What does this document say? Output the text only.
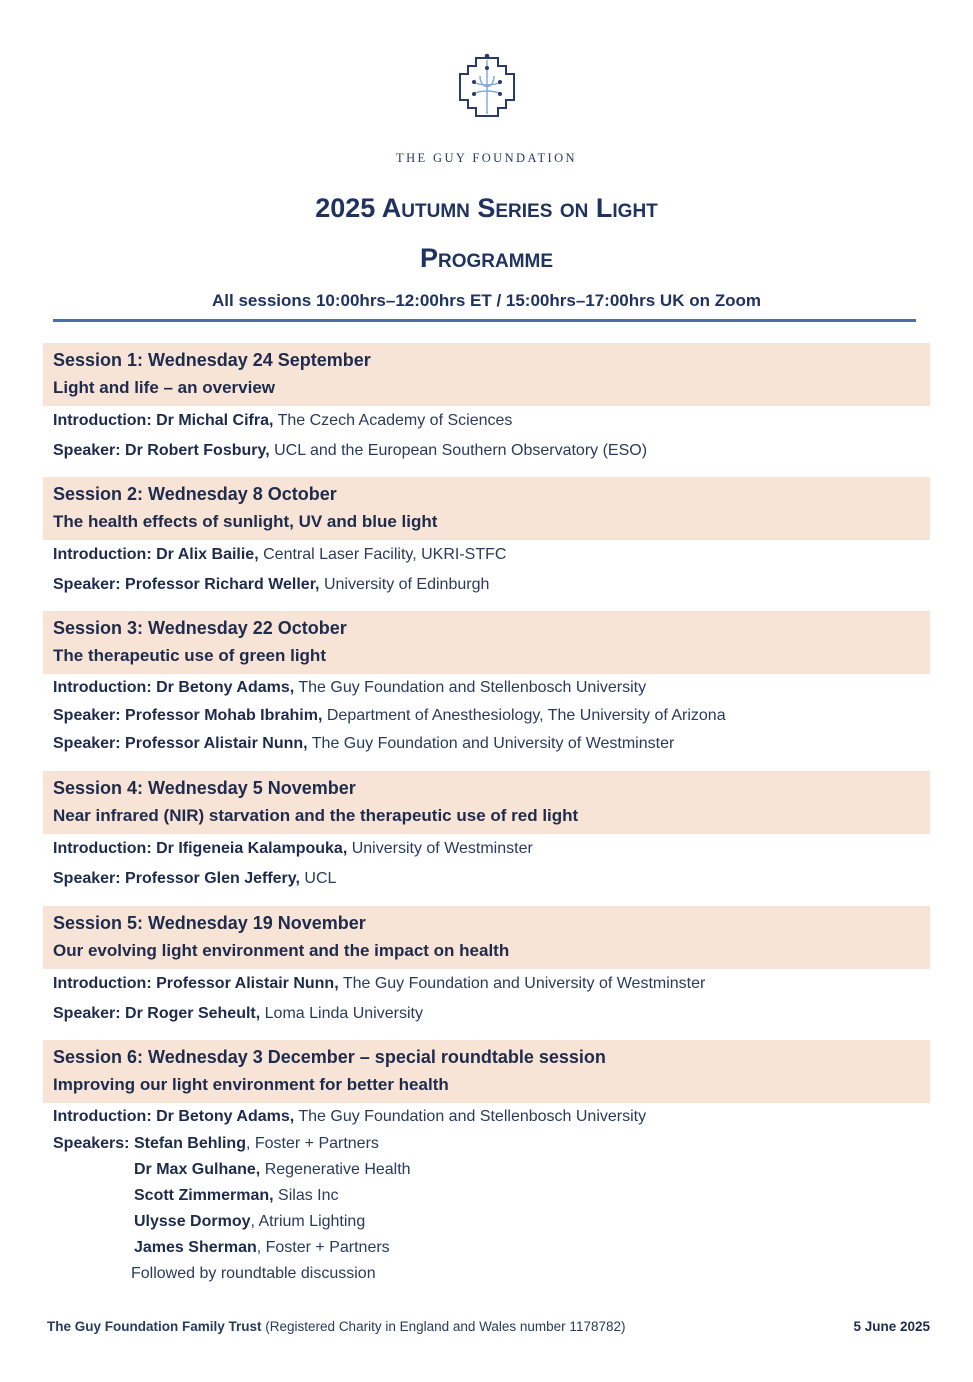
THE GUY FOUNDATION
2025 Autumn Series on Light
Programme
All sessions 10:00hrs–12:00hrs ET / 15:00hrs–17:00hrs UK on Zoom
Session 1: Wednesday 24 September
Light and life – an overview
Introduction: Dr Michal Cifra, The Czech Academy of Sciences
Speaker: Dr Robert Fosbury, UCL and the European Southern Observatory (ESO)
Session 2: Wednesday 8 October
The health effects of sunlight, UV and blue light
Introduction: Dr Alix Bailie, Central Laser Facility, UKRI-STFC
Speaker: Professor Richard Weller, University of Edinburgh
Session 3: Wednesday 22 October
The therapeutic use of green light
Introduction: Dr Betony Adams, The Guy Foundation and Stellenbosch University
Speaker: Professor Mohab Ibrahim, Department of Anesthesiology, The University of Arizona
Speaker: Professor Alistair Nunn, The Guy Foundation and University of Westminster
Session 4: Wednesday 5 November
Near infrared (NIR) starvation and the therapeutic use of red light
Introduction: Dr Ifigeneia Kalampouka, University of Westminster
Speaker: Professor Glen Jeffery, UCL
Session 5: Wednesday 19 November
Our evolving light environment and the impact on health
Introduction: Professor Alistair Nunn, The Guy Foundation and University of Westminster
Speaker: Dr Roger Seheult, Loma Linda University
Session 6: Wednesday 3 December – special roundtable session
Improving our light environment for better health
Introduction: Dr Betony Adams, The Guy Foundation and Stellenbosch University
Speakers: Stefan Behling, Foster + Partners
Dr Max Gulhane, Regenerative Health
Scott Zimmerman, Silas Inc
Ulysse Dormoy, Atrium Lighting
James Sherman, Foster + Partners
Followed by roundtable discussion
The Guy Foundation Family Trust (Registered Charity in England and Wales number 1178782)	5 June 2025
